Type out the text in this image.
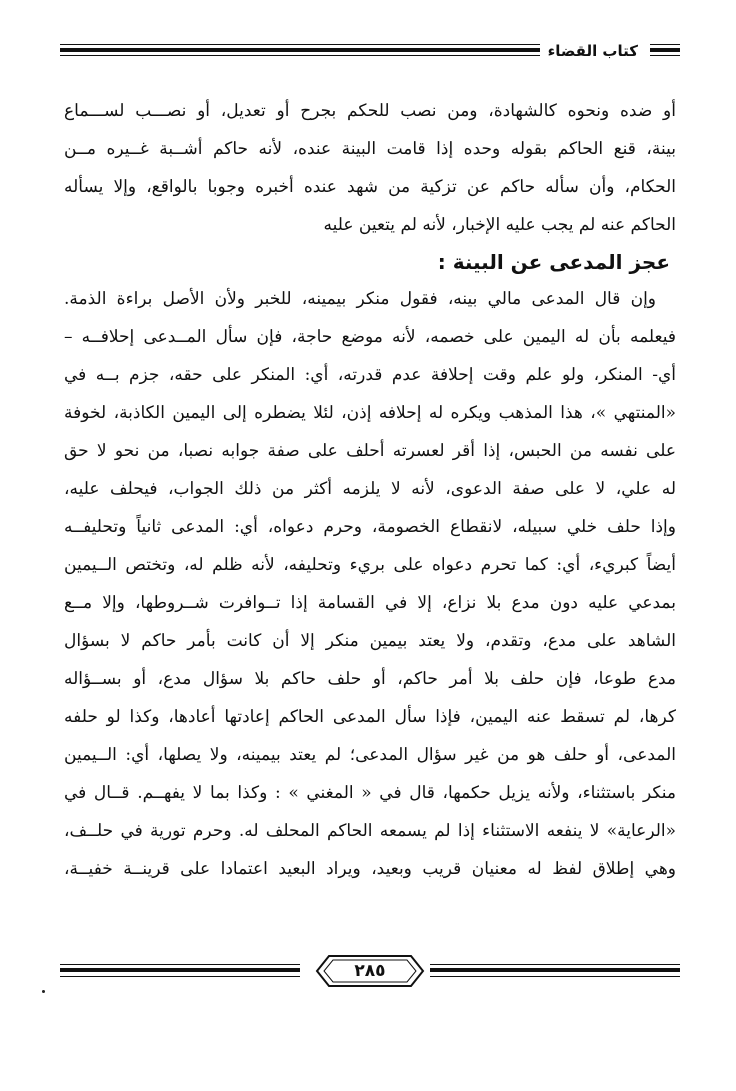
كتاب القضاء
أو ضده ونحوه كالشهادة، ومن نصب للحكم بجرح أو تعديل، أو نصـــب لســـماع
بينة، قنع الحاكم بقوله وحده إذا قامت البينة عنده، لأنه حاكم أشــبة غــيره مــن
الحكام، وأن سأله حاكم عن تزكية من شهد عنده أخبره وجوبا بالواقع، وإلا يسأله
الحاكم عنه لم يجب عليه الإخبار، لأنه لم يتعين عليه
عجز المدعى عن البينة :
وإن قال المدعى مالي بينه، فقول منكر بيمينه، للخبر ولأن الأصل براءة الذمة.
فيعلمه بأن له اليمين على خصمه، لأنه موضع حاجة، فإن سأل المــدعى إحلافــه –
أي- المنكر، ولو علم وقت إحلافة عدم قدرته، أي: المنكر على حقه، جزم بــه في
«المنتهي »، هذا المذهب ويكره له إحلافه إذن، لئلا يضطره إلى اليمين الكاذبة، لخوفة
على نفسه من الحبس، إذا أقر لعسرته أحلف على صفة جوابه نصبا، من نحو لا حق
له علي، لا على صفة الدعوى، لأنه لا يلزمه أكثر من ذلك الجواب، فيحلف عليه،
وإذا حلف خلي سبيله، لانقطاع الخصومة، وحرم دعواه، أي: المدعى ثانياً وتحليفــه
أيضاً كبريء، أي: كما تحرم دعواه على بريء وتحليفه، لأنه ظلم له، وتختص الــيمين
بمدعي عليه دون مدع بلا نزاع، إلا في القسامة إذا تــوافرت شــروطها، وإلا مــع
الشاهد على مدع، وتقدم، ولا يعتد بيمين منكر إلا أن كانت بأمر حاكم لا بسؤال
مدع طوعا، فإن حلف بلا أمر حاكم، أو حلف حاكم بلا سؤال مدع، أو بســؤاله
كرها، لم تسقط عنه اليمين، فإذا سأل المدعى الحاكم إعادتها أعادها، وكذا لو حلفه
المدعى، أو حلف هو من غير سؤال المدعى؛ لم يعتد بيمينه، ولا يصلها، أي: الــيمين
منكر باستثناء، ولأنه يزيل حكمها، قال في « المغني » : وكذا بما لا يفهــم. قــال في
«الرعاية» لا ينفعه الاستثناء إذا لم يسمعه الحاكم المحلف له. وحرم تورية في حلــف،
وهي إطلاق لفظ له معنيان قريب وبعيد، ويراد البعيد اعتمادا على قرينــة خفيــة،
٢٨٥
